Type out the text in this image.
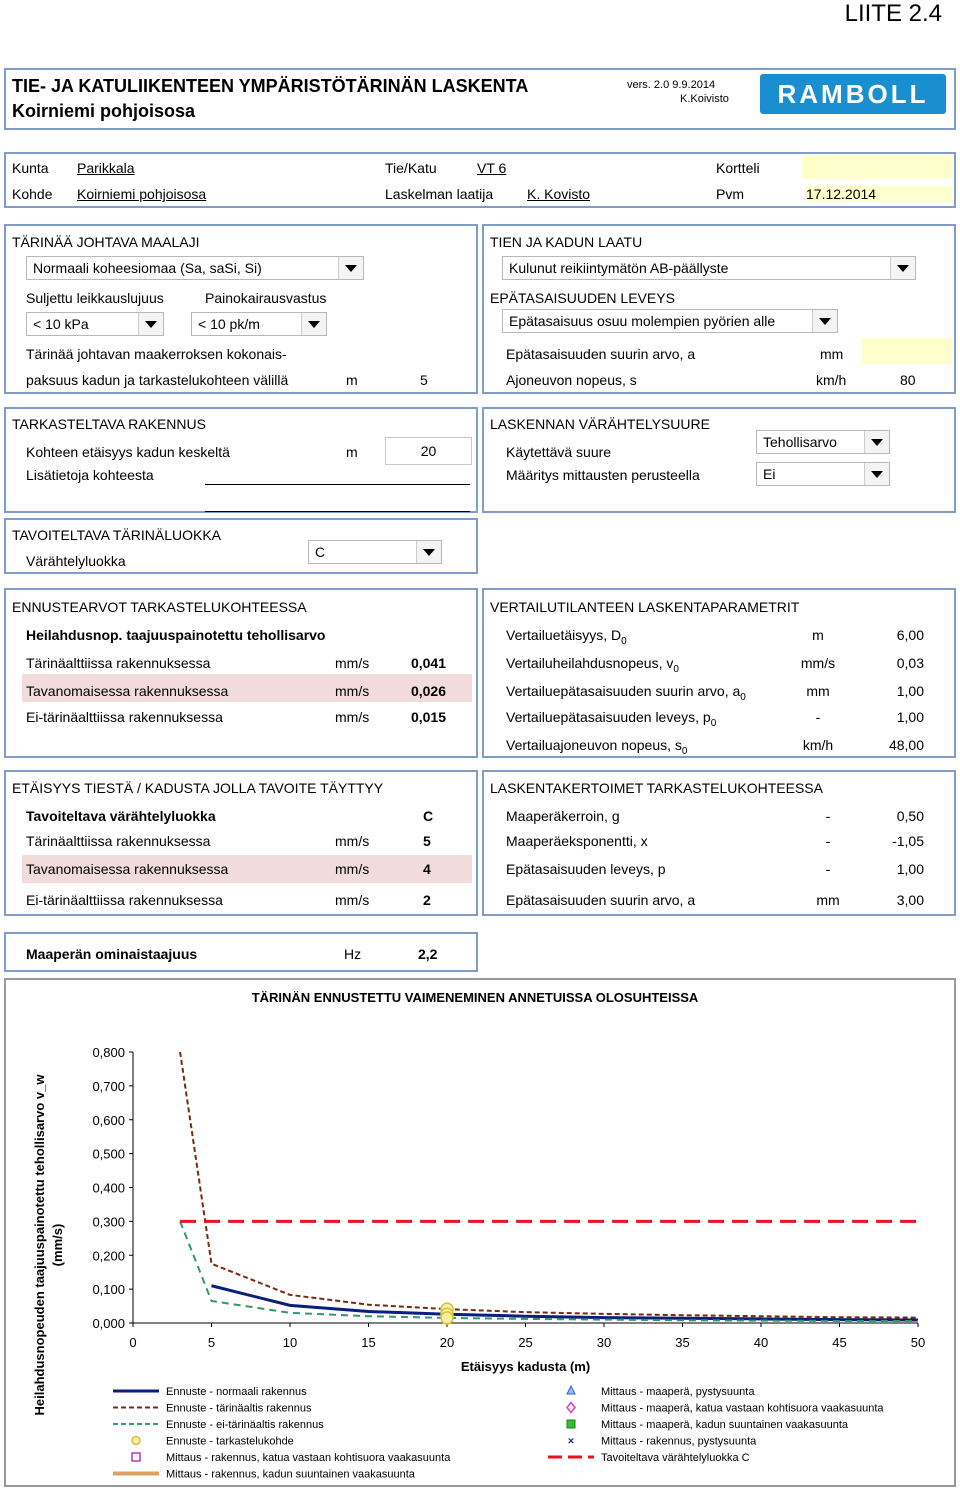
LIITE 2.4
TIE- JA KATULIIKENTEEN YMPÄRISTÖTÄRINÄN LASKENTA
Koirniemi pohjoisosa
vers. 2.0 9.9.2014
K.Koivisto	RAMBOLL
Kunta Parikkala	Tie/Katu	VT 6	Kortteli
Kohde Koirniemi pohjoisosa	Laskelman laatija K. Kovisto	Pvm	17.12.2014
TÄRINÄÄ JOHTAVA MAALAJI
Normaali koheesiomaa (Sa, saSi, Si)
Suljettu leikkauslujuus	Painokairausvastus
< 10 kPa	< 10 pk/m
Tärinää johtavan maakerroksen kokonais-
paksuus kadun ja tarkastelukohteen välillä	m	5
TIEN JA KADUN LAATU
Kulunut reikiintymätön AB-päällyste
EPÄTASAISUUDEN LEVEYS
Epätasaisuus osuu molempien pyörien alle
Epätasaisuuden suurin arvo, a	mm
Ajoneuvon nopeus, s	km/h	80
TARKASTELTAVA RAKENNUS
Kohteen etäisyys kadun keskeltä	m	20
Lisätietoja kohteesta
LASKENNAN VÄRÄHTELYSUURE
Käytettävä suure
Tehollisarvo
Määritys mittausten perusteella	Ei
TAVOITELTAVA TÄRINÄLUOKKA
Värähtelyluokka
C
ENNUSTEARVOT TARKASTELUKOHTEESSA
Heilahdusnop. taajuuspainotettu tehollisarvo
Tärinäalttiissa rakennuksessa	mm/s	0,041
Tavanomaisessa rakennuksessa	mm/s	0,026
Ei-tärinäalttiissa rakennuksessa	mm/s	0,015
VERTAILUTILANTEEN LASKENTAPARAMETRIT
Vertailuetäisyys, $D_0$	m	6,00
Vertailuheilahdusnopeus, $v_0$	mm/s	0,03
Vertailuepätasaisuuden suurin arvo, $a_0$	mm	1,00
Vertailuepätasaisuuden leveys, $p_0$	-	1,00
Vertailuajoneuvon nopeus, $s_0$	km/h	48,00
ETÄISYYS TIESTÄ / KADUSTA JOLLA TAVOITE TÄYTTYY
Tavoiteltava värähtelyluokka	C
Tärinäalttiissa rakennuksessa	mm/s	5
Tavanomaisessa rakennuksessa	mm/s	4
Ei-tärinäalttiissa rakennuksessa	mm/s	2
LASKENTAKERTOIMET TARKASTELUKOHTEESSA
Maaperäkerroin, g	-	0,50
Maaperäeksponentti, x	-	-1,05
Epätasaisuuden leveys, p	-	1,00
Epätasaisuuden suurin arvo, a	mm	3,00
Maaperän ominaistaajuus	Hz	2,2
TÄRINÄN ENNUSTETTU VAIMENEMINEN ANNETUISSA OLOSUHTEISSA
0,000
0,100
0,200
0,300
0,400
0,500
0,600
0,700
0,800
0	5	10	15	20	25	30	35	40	45	50
Etäisyys kadusta (m)
Heilahdusnopeuden taajuuspainotettu tehollisarvo v_w (mm/s)
Ennuste - normaali rakennus
Ennuste - tärinäaltis rakennus
Ennuste - ei-tärinäaltis rakennus
Ennuste - tarkastelukohde
Mittaus - rakennus, katua vastaan kohtisuora vaakasuunta
Mittaus - rakennus, kadun suuntainen vaakasuunta
Mittaus - maaperä, pystysuunta
Mittaus - maaperä, katua vastaan kohtisuora vaakasuunta
Mittaus - maaperä, kadun suuntainen vaakasuunta
× Mittaus - rakennus, pystysuunta
Tavoiteltava värähtelyluokka C
